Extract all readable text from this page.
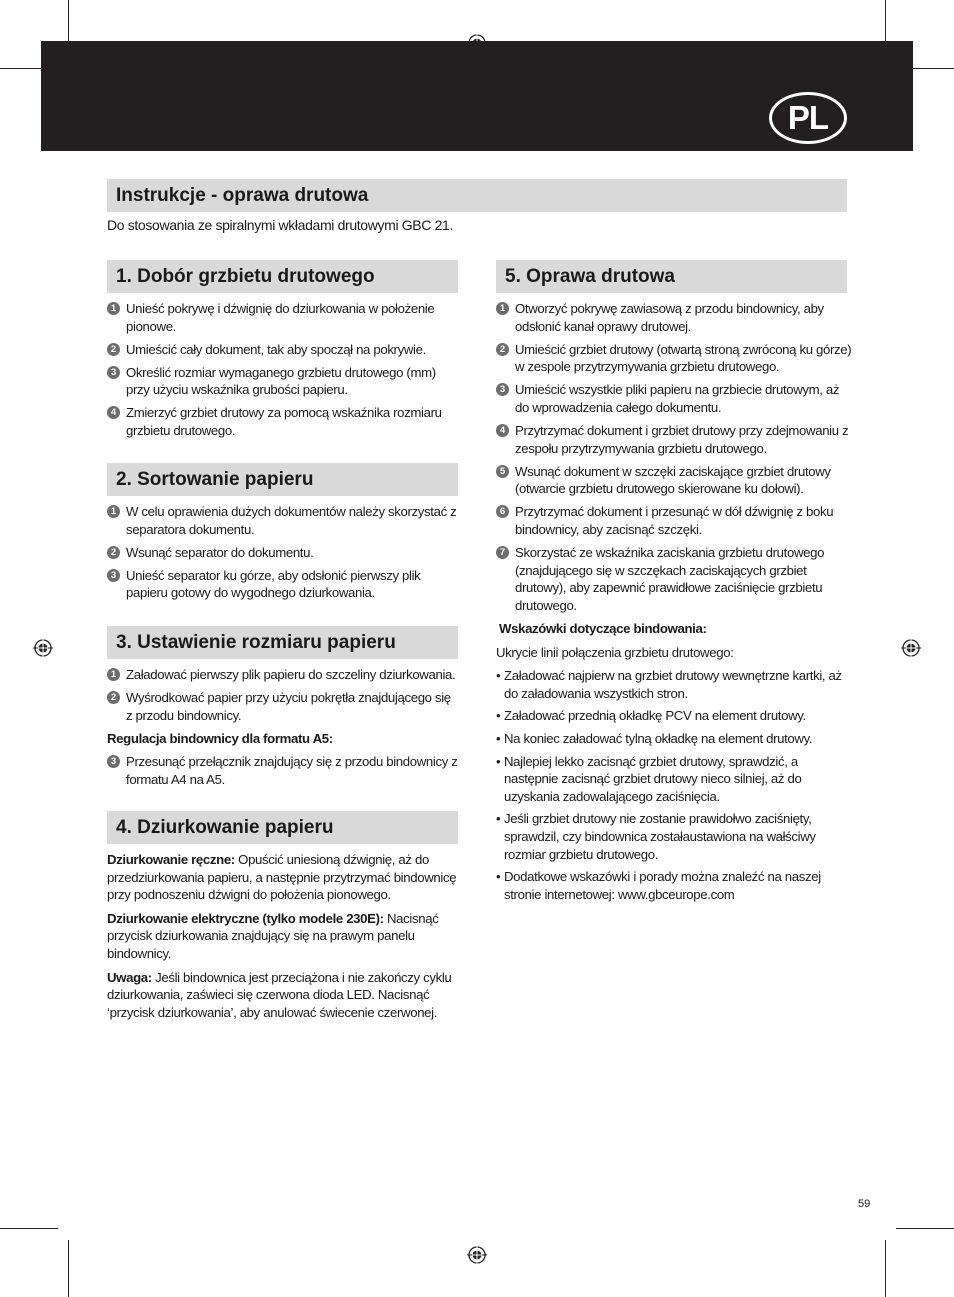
PL
Instrukcje - oprawa drutowa
Do stosowania ze spiralnymi wkładami drutowymi GBC 21.
1. Dobór grzbietu drutowego
2. Sortowanie papieru
3. Ustawienie rozmiaru papieru
4. Dziurkowanie papieru
5. Oprawa drutowa
1 Unieść pokrywę i dźwignię do dziurkowania w położenie pionowe.
2 Umieścić cały dokument, tak aby spoczął na pokrywie.
3 Określić rozmiar wymaganego grzbietu drutowego (mm) przy użyciu wskaźnika grubości papieru.
4 Zmierzyć grzbiet drutowy za pomocą wskaźnika rozmiaru grzbietu drutowego.
1 W celu oprawienia dużych dokumentów należy skorzystać z separatora dokumentu.
2 Wsunąć separator do dokumentu.
3 Unieść separator ku górze, aby odsłonić pierwszy plik papieru gotowy do wygodnego dziurkowania.
1 Załadować pierwszy plik papieru do szczeliny dziurkowania.
2 Wyśrodkować papier przy użyciu pokrętła znajdującego się z przodu bindownicy.
Regulacja bindownicy dla formatu A5:
3 Przesunąć przełącznik znajdujący się z przodu bindownicy z formatu A4 na A5.

Dziurkowanie ręczne: Opuścić uniesioną dźwignię, aż do przedziurkowania papieru, a następnie przytrzymać bindownicę przy podnoszeniu dźwigni do położenia pionowego.

Dziurkowanie elektryczne (tylko modele 230E): Nacisnąć przycisk dziurkowania znajdujący się na prawym panelu bindownicy.

Uwaga: Jeśli bindownica jest przeciążona i nie zakończy cyklu dziurkowania, zaświeci się czerwona dioda LED. Nacisnąć ‘przycisk dziurkowania’, aby anulować świecenie czerwonej.

1 Otworzyć pokrywę zawiasową z przodu bindownicy, aby odsłonić kanał oprawy drutowej.
2 Umieścić grzbiet drutowy (otwartą stroną zwróconą ku górze) w zespole przytrzymywania grzbietu drutowego.
3 Umieścić wszystkie pliki papieru na grzbiecie drutowym, aż do wprowadzenia całego dokumentu.
4 Przytrzymać dokument i grzbiet drutowy przy zdejmowaniu z zespołu przytrzymywania grzbietu drutowego.
5 Wsunąć dokument w szczęki zaciskające grzbiet drutowy (otwarcie grzbietu drutowego skierowane ku dołowi).
6 Przytrzymać dokument i przesunąć w dół dźwignię z boku bindownicy, aby zacisnąć szczęki.
7 Skorzystać ze wskaźnika zaciskania grzbietu drutowego (znajdującego się w szczękach zaciskających grzbiet drutowy), aby zapewnić prawidłowe zaciśnięcie grzbietu drutowego.
Wskazówki dotyczące bindowania:
Ukrycie linii połączenia grzbietu drutowego:
• Załadować najpierw na grzbiet drutowy wewnętrzne kartki, aż do załadowania wszystkich stron.
• Załadować przednią okładkę PCV na element drutowy.
• Na koniec załadować tylną okładkę na element drutowy.
• Najlepiej lekko zacisnąć grzbiet drutowy, sprawdzić, a następnie zacisnąć grzbiet drutowy nieco silniej, aż do uzyskania zadowalającego zaciśnięcia.
• Jeśli grzbiet drutowy nie zostanie prawidołwo zaciśnięty, sprawdzil, czy bindownica zostałaustawiona na wałściwy rozmiar grzbietu drutowego.
• Dodatkowe wskazówki i porady można znaleźć na naszej stronie internetowej: www.gbceurope.com
59
